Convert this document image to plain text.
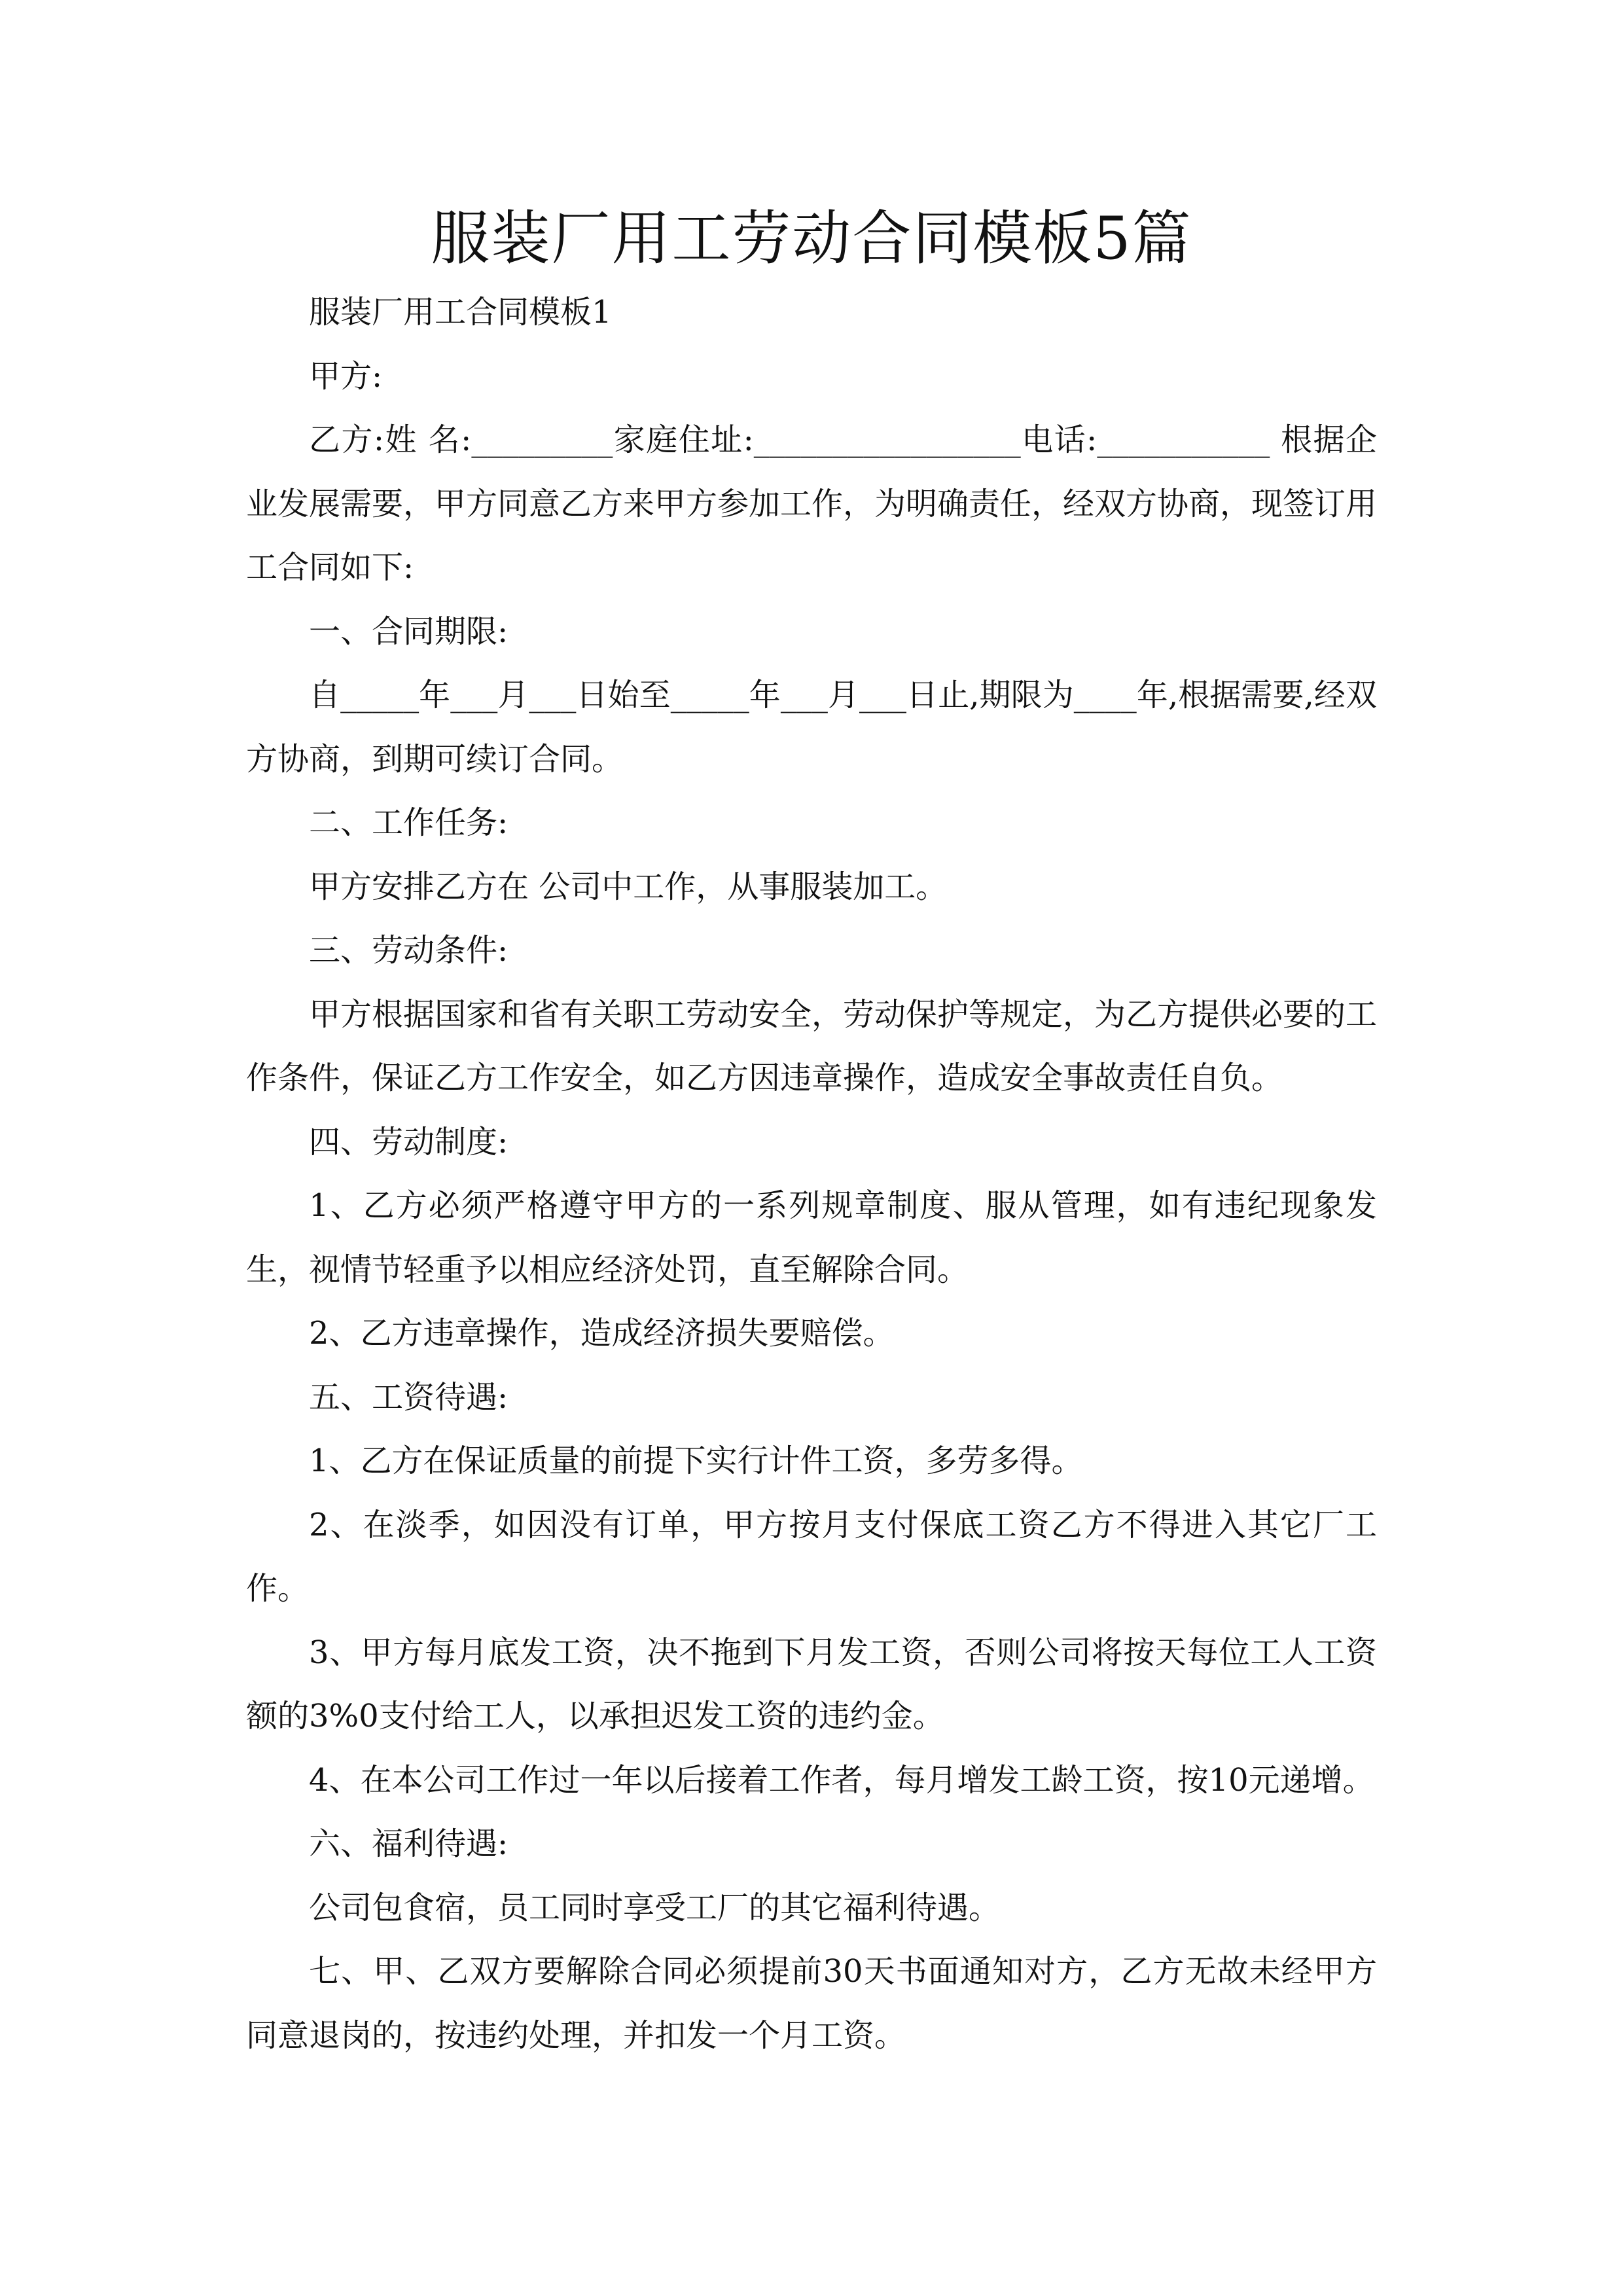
服装厂用工劳动合同模板5篇

服装厂用工合同模板1

甲方:

乙方:姓 名:_________家庭住址:_________________电话:___________ 根据企业发展需要，甲方同意乙方来甲方参加工作，为明确责任，经双方协商，现签订用工合同如下:

一、合同期限:

自_____年___月___日始至_____年___月___日止,期限为____年,根据需要,经双方协商，到期可续订合同。

二、工作任务:

甲方安排乙方在 公司中工作，从事服装加工。

三、劳动条件:

甲方根据国家和省有关职工劳动安全，劳动保护等规定，为乙方提供必要的工作条件，保证乙方工作安全，如乙方因违章操作，造成安全事故责任自负。

四、劳动制度:

1、乙方必须严格遵守甲方的一系列规章制度、服从管理，如有违纪现象发生，视情节轻重予以相应经济处罚，直至解除合同。

2、乙方违章操作，造成经济损失要赔偿。

五、工资待遇:

1、乙方在保证质量的前提下实行计件工资，多劳多得。

2、在淡季，如因没有订单，甲方按月支付保底工资乙方不得进入其它厂工作。

3、甲方每月底发工资，决不拖到下月发工资，否则公司将按天每位工人工资额的3%0支付给工人，以承担迟发工资的违约金。

4、在本公司工作过一年以后接着工作者，每月增发工龄工资，按10元递增。

六、福利待遇:

公司包食宿，员工同时享受工厂的其它福利待遇。

七、甲、乙双方要解除合同必须提前30天书面通知对方，乙方无故未经甲方同意退岗的，按违约处理，并扣发一个月工资。
